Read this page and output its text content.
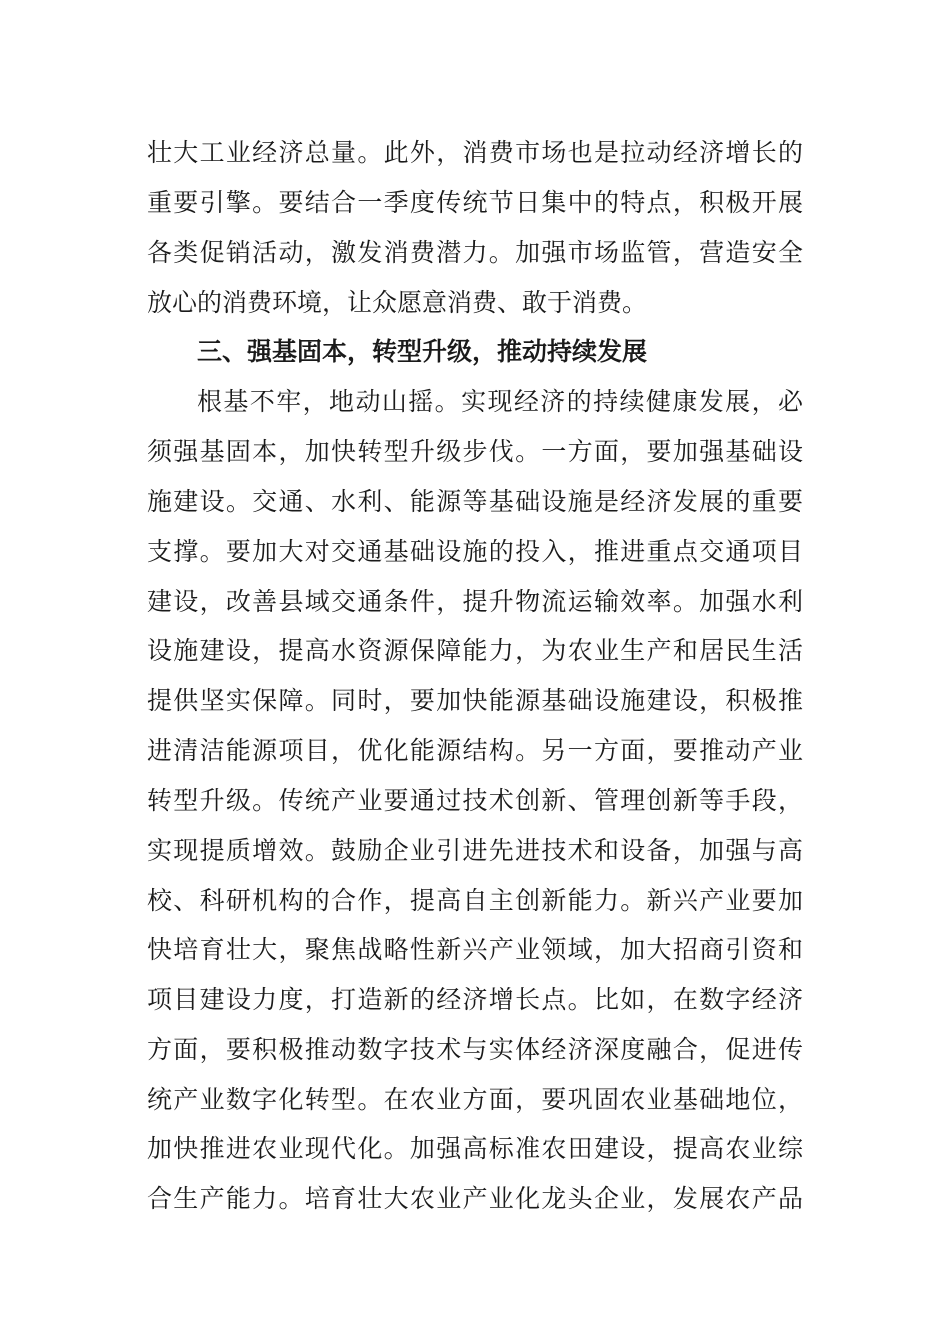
壮大工业经济总量。此外，消费市场也是拉动经济增长的
重要引擎。要结合一季度传统节日集中的特点，积极开展
各类促销活动，激发消费潜力。加强市场监管，营造安全
放心的消费环境，让众愿意消费、敢于消费。
三、强基固本，转型升级，推动持续发展
根基不牢，地动山摇。实现经济的持续健康发展，必
须强基固本，加快转型升级步伐。一方面，要加强基础设
施建设。交通、水利、能源等基础设施是经济发展的重要
支撑。要加大对交通基础设施的投入，推进重点交通项目
建设，改善县域交通条件，提升物流运输效率。加强水利
设施建设，提高水资源保障能力，为农业生产和居民生活
提供坚实保障。同时，要加快能源基础设施建设，积极推
进清洁能源项目，优化能源结构。另一方面，要推动产业
转型升级。传统产业要通过技术创新、管理创新等手段，
实现提质增效。鼓励企业引进先进技术和设备，加强与高
校、科研机构的合作，提高自主创新能力。新兴产业要加
快培育壮大，聚焦战略性新兴产业领域，加大招商引资和
项目建设力度，打造新的经济增长点。比如，在数字经济
方面，要积极推动数字技术与实体经济深度融合，促进传
统产业数字化转型。在农业方面，要巩固农业基础地位，
加快推进农业现代化。加强高标准农田建设，提高农业综
合生产能力。培育壮大农业产业化龙头企业，发展农产品
